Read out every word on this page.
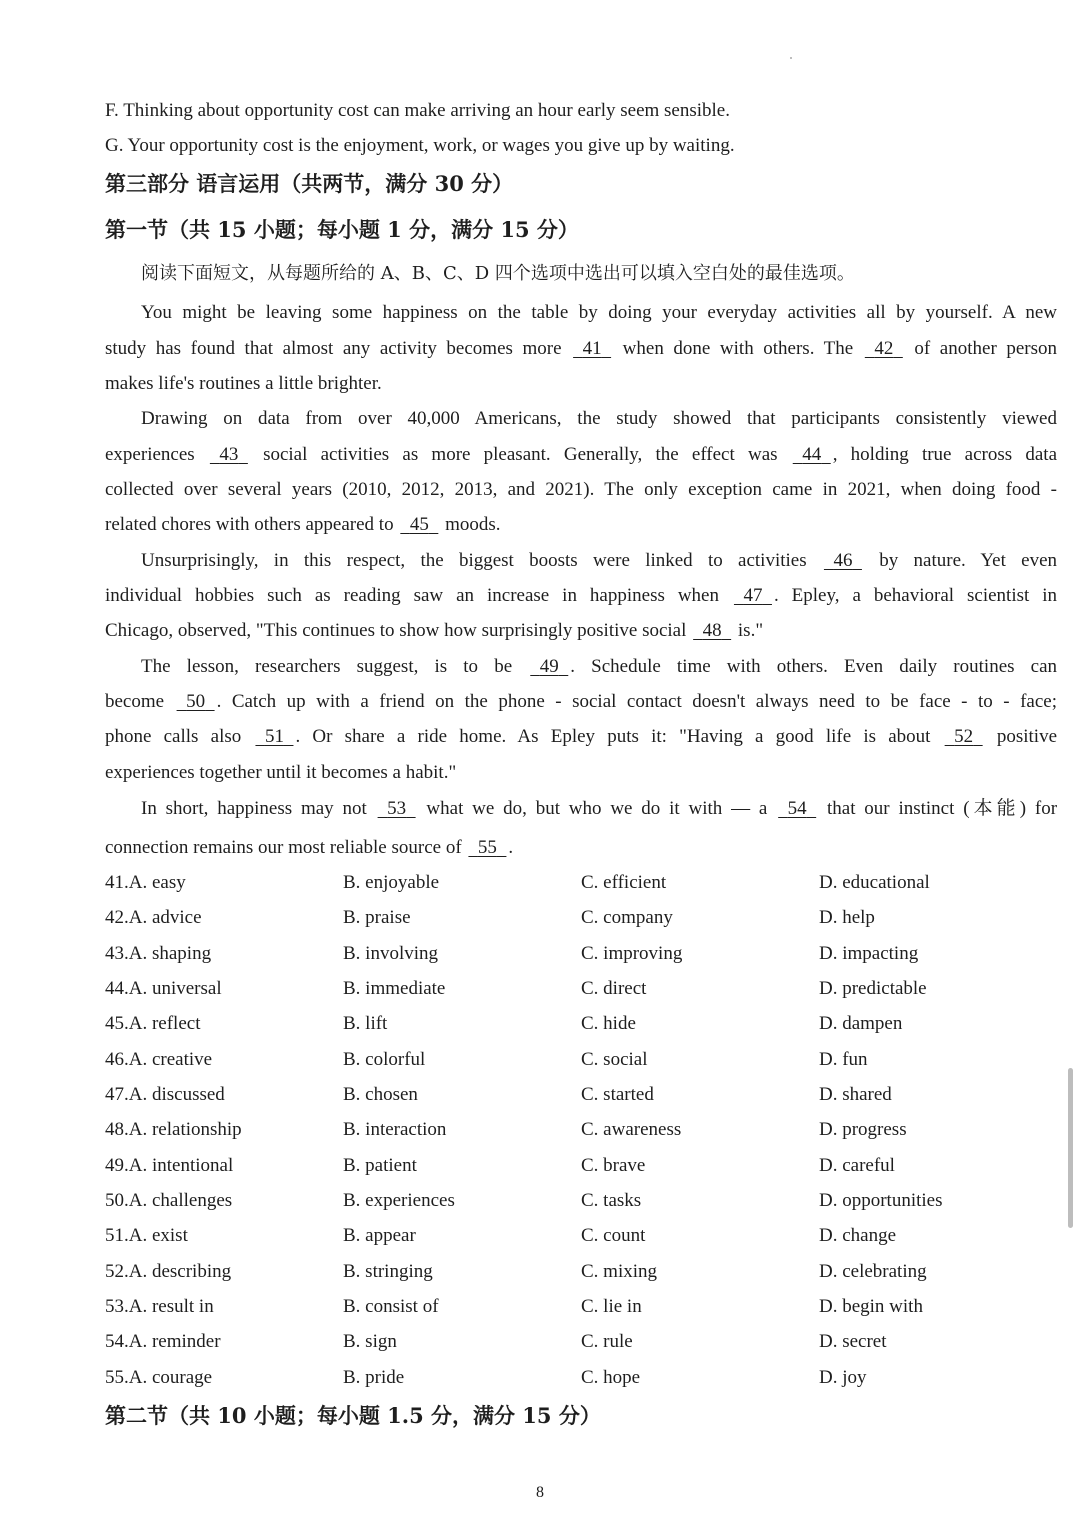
F. Thinking about opportunity cost can make arriving an hour early seem sensible.
G. Your opportunity cost is the enjoyment, work, or wages you give up by waiting.
第三部分 语言运用（共两节，满分 30 分）
第一节（共 15 小题；每小题 1 分，满分 15 分）
阅读下面短文，从每题所给的 A、B、C、D 四个选项中选出可以填入空白处的最佳选项。
You might be leaving some happiness on the table by doing your everyday activities all by yourself. A new
study has found that almost any activity becomes more 41 when done with others. The 42 of another person
makes life's routines a little brighter.
Drawing on data from over 40,000 Americans, the study showed that participants consistently viewed
experiences 43 social activities as more pleasant. Generally, the effect was 44 , holding true across data
collected over several years (2010, 2012, 2013, and 2021). The only exception came in 2021, when doing food -
related chores with others appeared to 45 moods.
Unsurprisingly, in this respect, the biggest boosts were linked to activities 46 by nature. Yet even
individual hobbies such as reading saw an increase in happiness when 47 . Epley, a behavioral scientist in
Chicago, observed, "This continues to show how surprisingly positive social 48 is."
The lesson, researchers suggest, is to be 49 . Schedule time with others. Even daily routines can
become 50 . Catch up with a friend on the phone - social contact doesn't always need to be face - to - face;
phone calls also 51 . Or share a ride home. As Epley puts it: "Having a good life is about 52 positive
experiences together until it becomes a habit."
In short, happiness may not 53 what we do, but who we do it with — a 54 that our instinct (本能) for
connection remains our most reliable source of 55 .
41.A. easy	B. enjoyable	C. efficient	D. educational
42.A. advice	B. praise	C. company	D. help
43.A. shaping	B. involving	C. improving	D. impacting
44.A. universal	B. immediate	C. direct	D. predictable
45.A. reflect	B. lift	C. hide	D. dampen
46.A. creative	B. colorful	C. social	D. fun
47.A. discussed	B. chosen	C. started	D. shared
48.A. relationship	B. interaction	C. awareness	D. progress
49.A. intentional	B. patient	C. brave	D. careful
50.A. challenges	B. experiences	C. tasks	D. opportunities
51.A. exist	B. appear	C. count	D. change
52.A. describing	B. stringing	C. mixing	D. celebrating
53.A. result in	B. consist of	C. lie in	D. begin with
54.A. reminder	B. sign	C. rule	D. secret
55.A. courage	B. pride	C. hope	D. joy
第二节（共 10 小题；每小题 1.5 分，满分 15 分）
8
